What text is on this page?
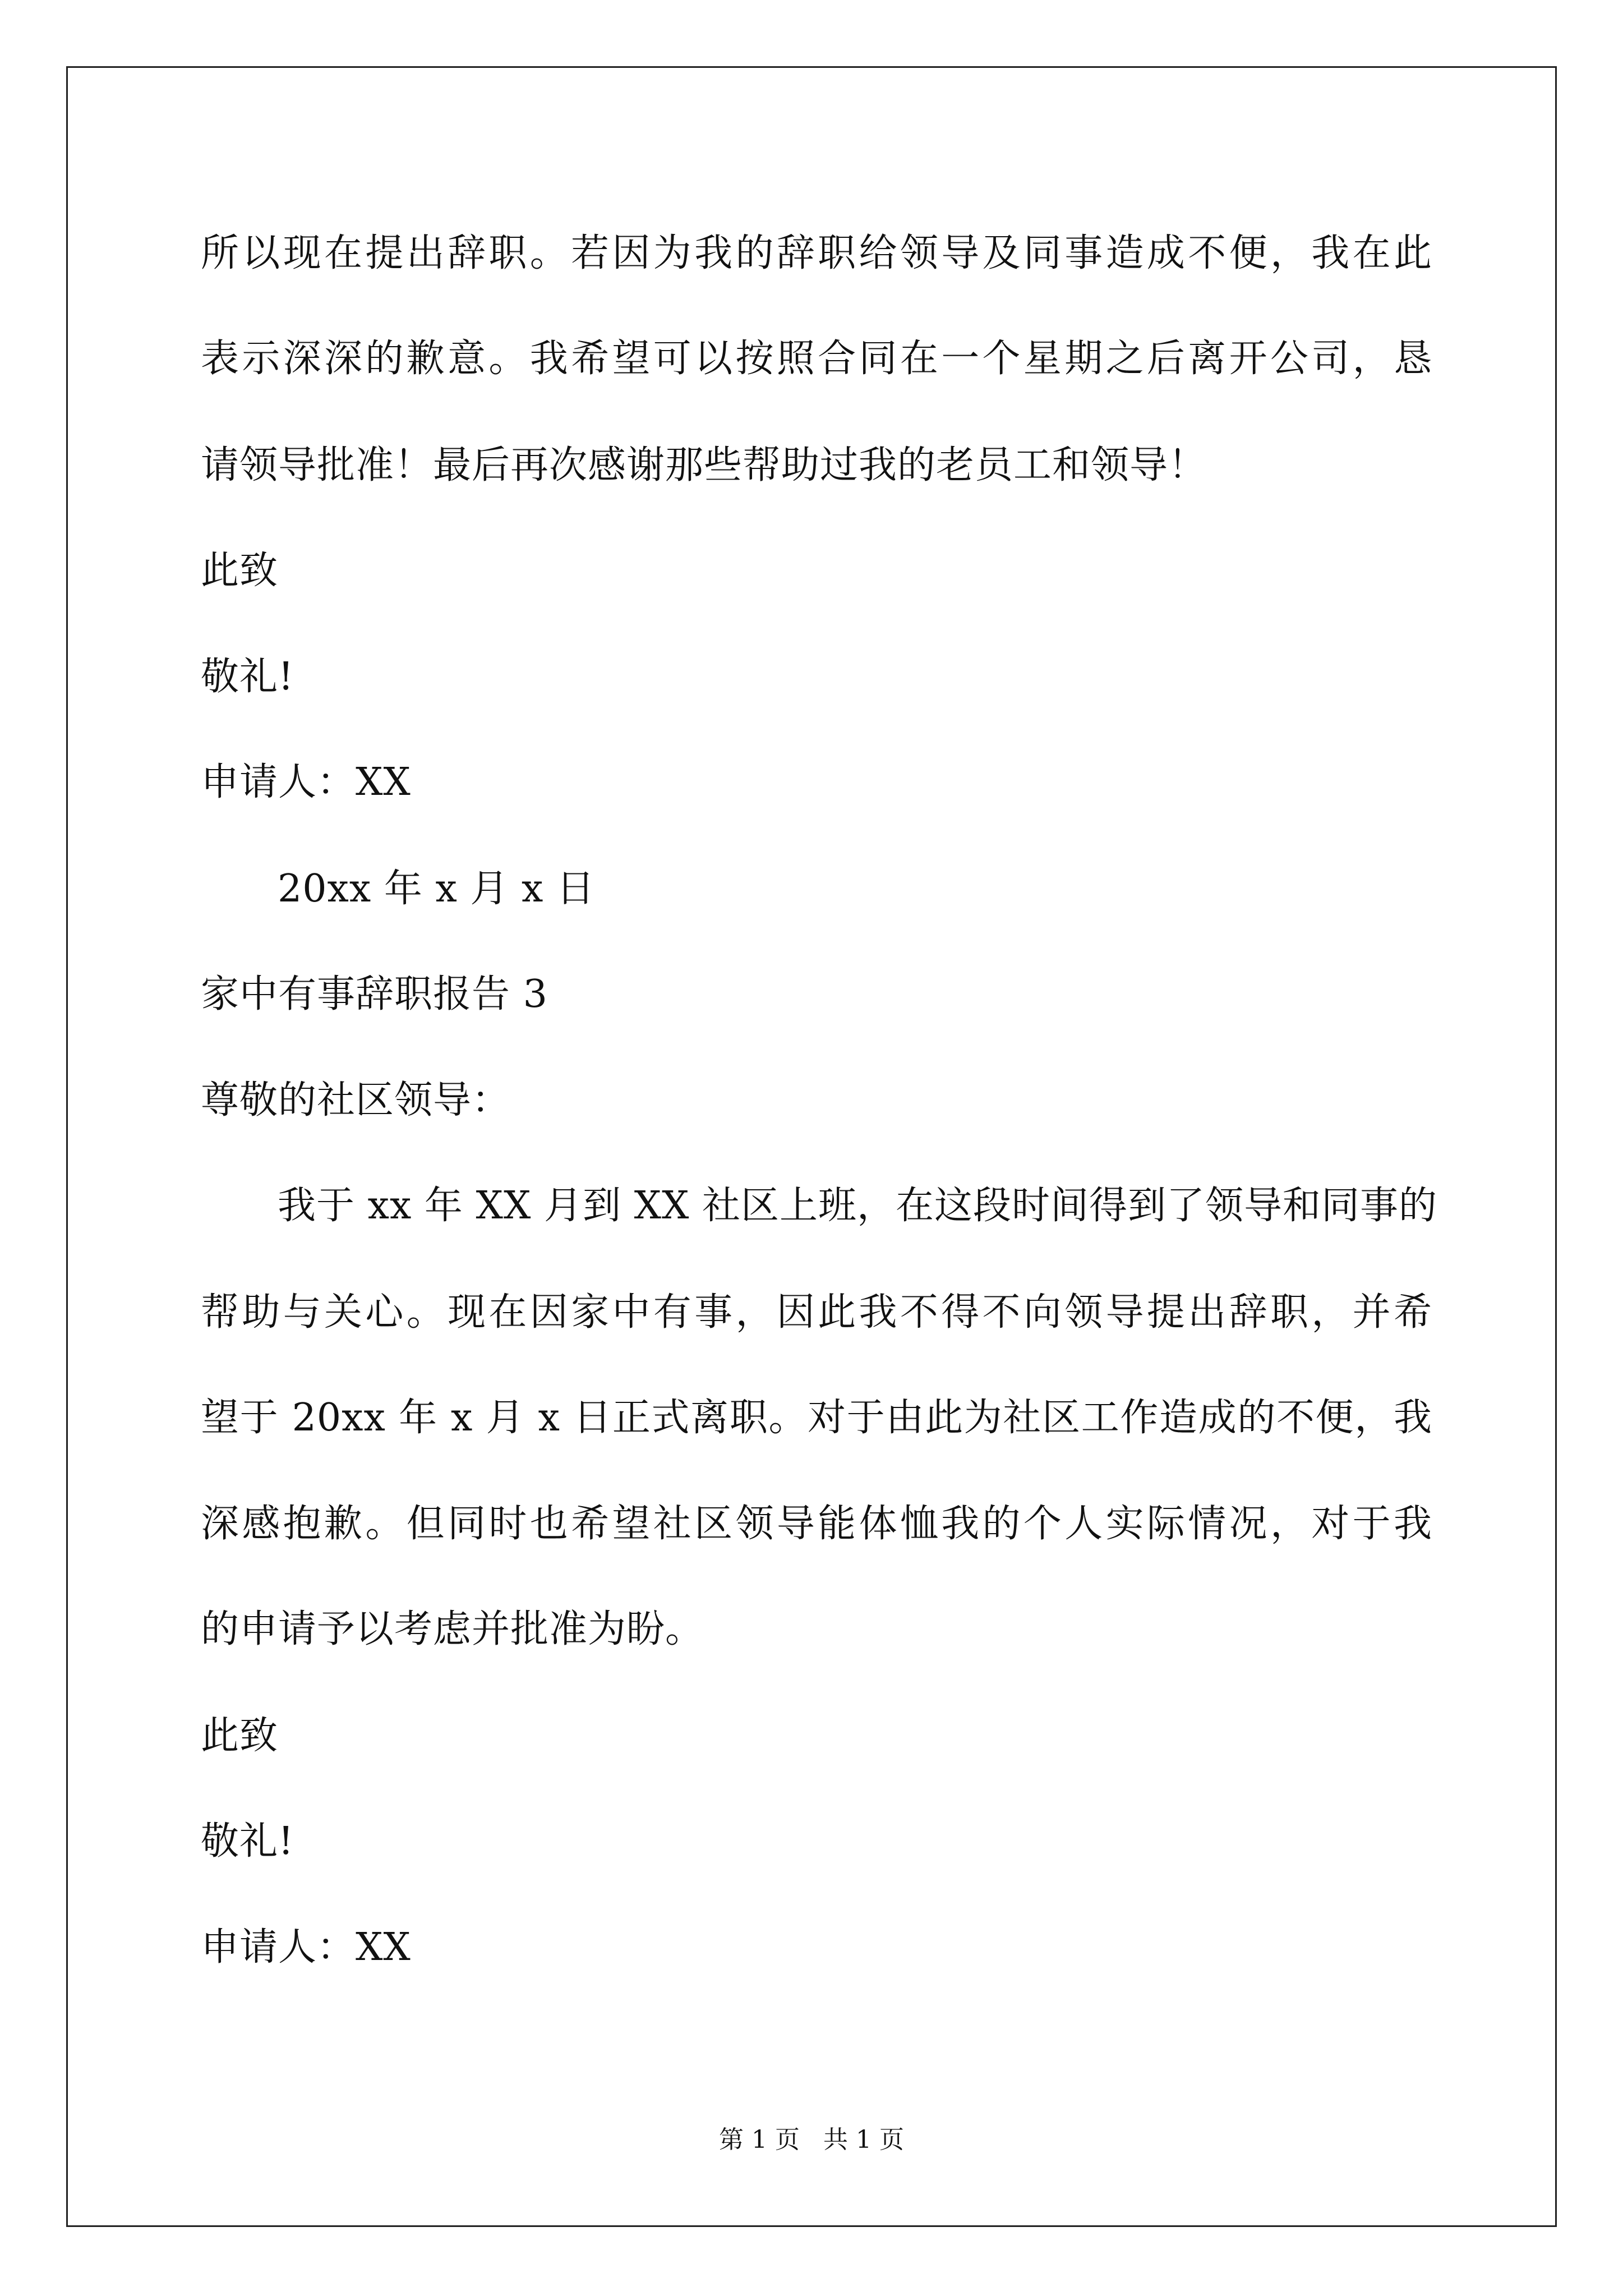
所以现在提出辞职。若因为我的辞职给领导及同事造成不便，我在此

表示深深的歉意。我希望可以按照合同在一个星期之后离开公司，恳

请领导批准！最后再次感谢那些帮助过我的老员工和领导！

此致

敬礼!

申请人：XX

20xx 年 x 月 x 日

家中有事辞职报告 3

尊敬的社区领导：

我于 xx 年 XX 月到 XX 社区上班，在这段时间得到了领导和同事的

帮助与关心。现在因家中有事，因此我不得不向领导提出辞职，并希

望于 20xx 年 x 月 x 日正式离职。对于由此为社区工作造成的不便，我

深感抱歉。但同时也希望社区领导能体恤我的个人实际情况，对于我

的申请予以考虑并批准为盼。

此致

敬礼!

申请人：XX

第 1 页   共 1 页
